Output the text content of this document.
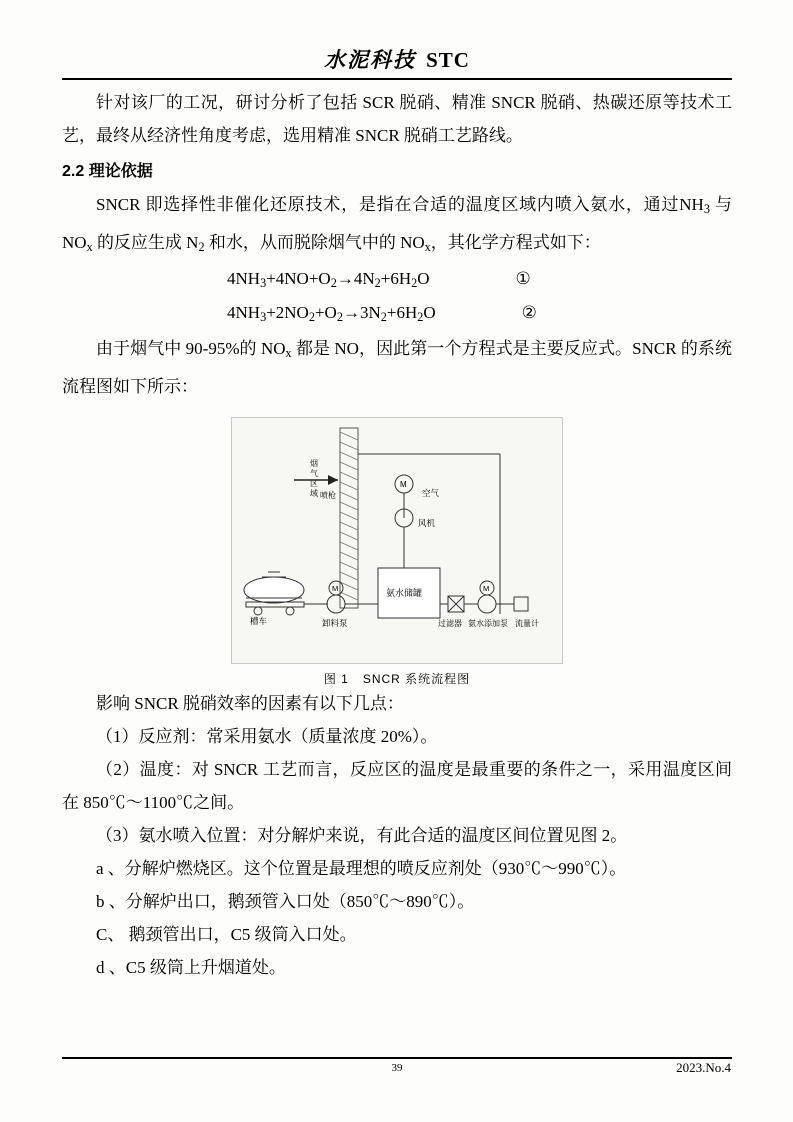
水泥科技 STC

针对该厂的工况，研讨分析了包括 SCR 脱硝、精准 SNCR 脱硝、热碳还原等技术工艺，最终从经济性角度考虑，选用精准 SNCR 脱硝工艺路线。

2.2 理论依据

SNCR 即选择性非催化还原技术，是指在合适的温度区域内喷入氨水，通过$NH_3$ 与 $NO_x$ 的反应生成 $N_2$ 和水，从而脱除烟气中的 $NO_x$，其化学方程式如下：

$4NH_3+4NO+O_2\to 4N_2+6H_2O$	①
$4NH_3+2NO_2+O_2\to 3N_2+6H_2O$	②

由于烟气中 90-95%的 $NO_x$ 都是 NO，因此第一个方程式是主要反应式。SNCR 的系统流程图如下所示：

烟
气
区
域 喷枪
M
空气
风机
氨水储罐
槽车
M
卸料泵
M
过滤器 氨水添加泵 流量计
图 1 SNCR 系统流程图

影响 SNCR 脱硝效率的因素有以下几点：

（1）反应剂：常采用氨水（质量浓度 20%）。

（2）温度：对 SNCR 工艺而言，反应区的温度是最重要的条件之一，采用温度区间在 850℃～1100℃之间。

（3）氨水喷入位置：对分解炉来说，有此合适的温度区间位置见图 2。

a 、分解炉燃烧区。这个位置是最理想的喷反应剂处（930℃～990℃）。

b 、分解炉出口，鹅颈管入口处（850℃～890℃）。

C、 鹅颈管出口，C5 级筒入口处。

d 、C5 级筒上升烟道处。

39	2023.No.4
